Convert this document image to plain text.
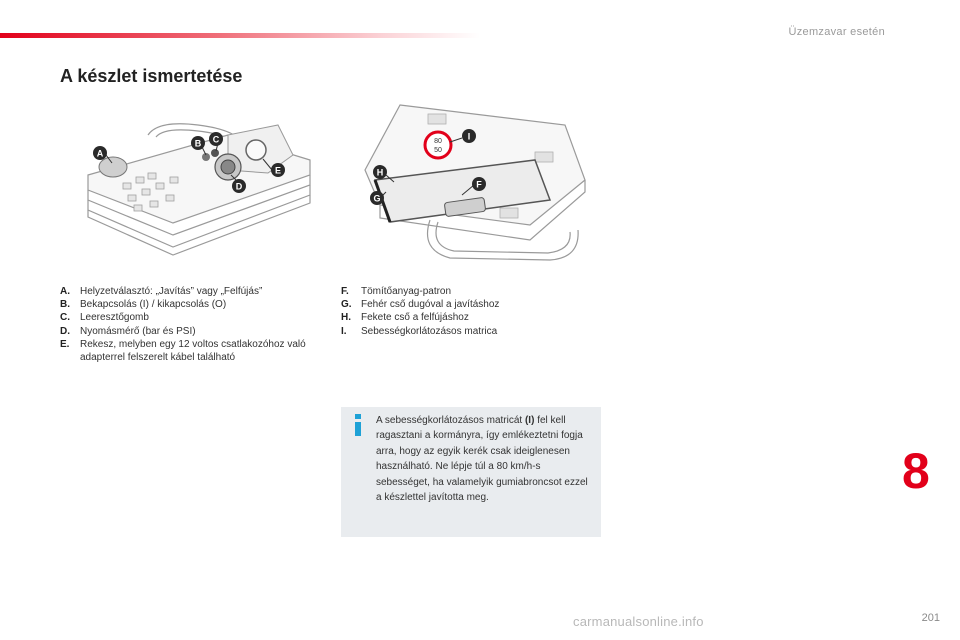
Üzemzavar esetén
A készlet ismertetése
A
B C
D
E
80
50
I
H
F
G
A.	Helyzetválasztó: „Javítás” vagy „Felfújás”
B.	Bekapcsolás (I) / kikapcsolás (O)
C.	Leeresztőgomb
D.	Nyomásmérő (bar és PSI)
E.	Rekesz, melyben egy 12 voltos csatlakozóhoz való adapterrel felszerelt kábel található
F.	Tömítőanyag-patron
G. Fehér cső dugóval a javításhoz
H.	Fekete cső a felfújáshoz
I.	Sebességkorlátozásos matrica
A sebességkorlátozásos matricát (I) fel kell ragasztani a kormányra, így emlékeztetni fogja arra, hogy az egyik kerék csak ideiglenesen használható. Ne lépje túl a 80 km/h-s sebességet, ha valamelyik gumiabroncsot ezzel a készlettel javította meg.	8
201
carmanualsonline.info
